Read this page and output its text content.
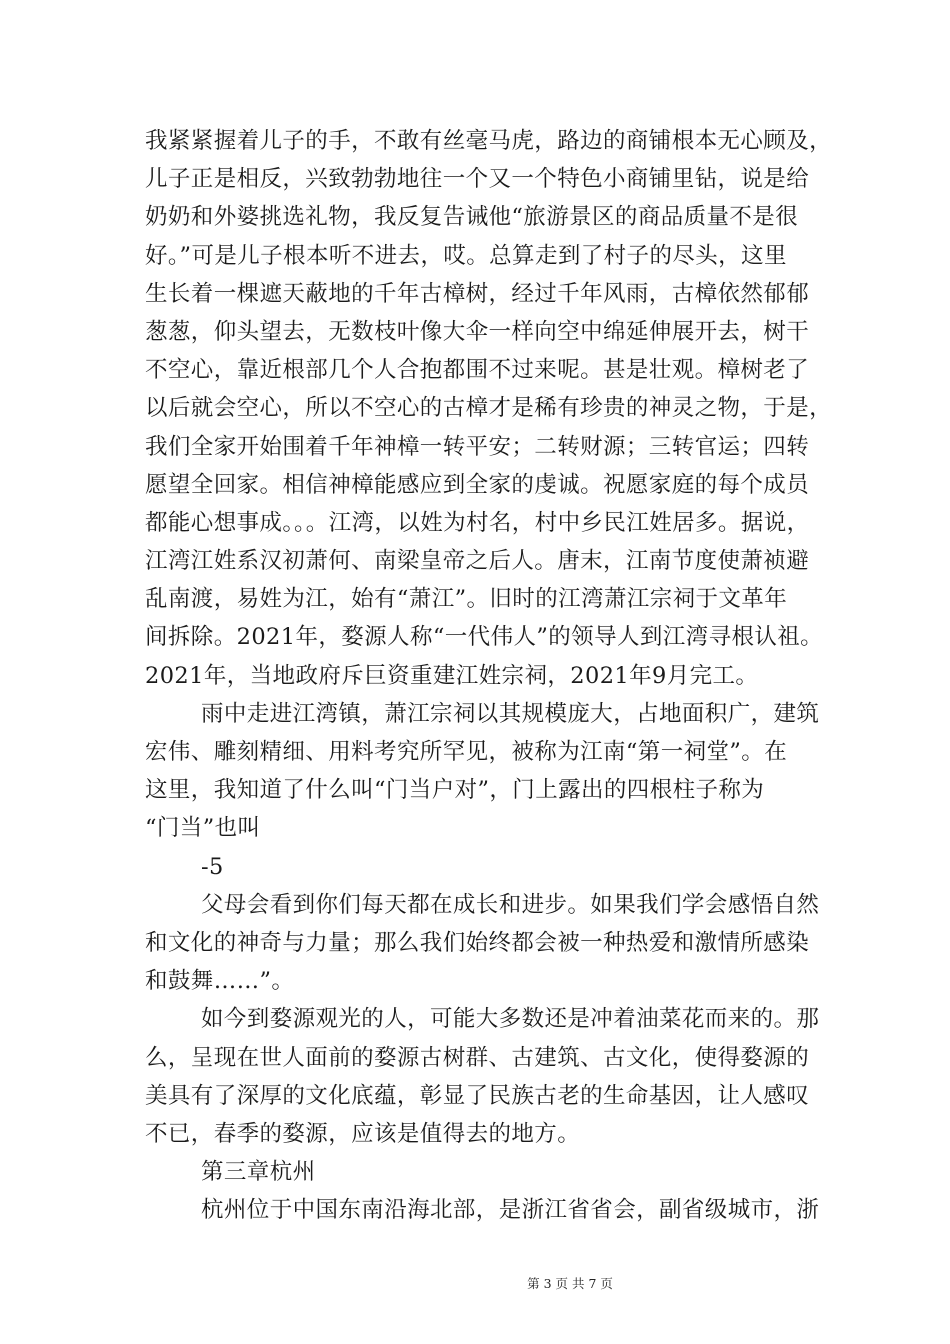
我紧紧握着儿子的手，不敢有丝毫马虎，路边的商铺根本无心顾及，
儿子正是相反，兴致勃勃地往一个又一个特色小商铺里钻，说是给
奶奶和外婆挑选礼物，我反复告诫他“旅游景区的商品质量不是很
好。”可是儿子根本听不进去，哎。总算走到了村子的尽头，这里
生长着一棵遮天蔽地的千年古樟树，经过千年风雨，古樟依然郁郁
葱葱，仰头望去，无数枝叶像大伞一样向空中绵延伸展开去，树干
不空心，靠近根部几个人合抱都围不过来呢。甚是壮观。樟树老了
以后就会空心，所以不空心的古樟才是稀有珍贵的神灵之物，于是，
我们全家开始围着千年神樟一转平安；二转财源；三转官运；四转
愿望全回家。相信神樟能感应到全家的虔诚。祝愿家庭的每个成员
都能心想事成。。。江湾，以姓为村名，村中乡民江姓居多。据说，
江湾江姓系汉初萧何、南梁皇帝之后人。唐末，江南节度使萧祯避
乱南渡，易姓为江，始有“萧江”。旧时的江湾萧江宗祠于文革年
间拆除。2021年，婺源人称“一代伟人”的领导人到江湾寻根认祖。
2021年，当地政府斥巨资重建江姓宗祠，2021年9月完工。
雨中走进江湾镇，萧江宗祠以其规模庞大，占地面积广，建筑
宏伟、雕刻精细、用料考究所罕见，被称为江南“第一祠堂”。在
这里，我知道了什么叫“门当户对”，门上露出的四根柱子称为
“门当”也叫
-5
父母会看到你们每天都在成长和进步。如果我们学会感悟自然
和文化的神奇与力量；那么我们始终都会被一种热爱和激情所感染
和鼓舞……”。
如今到婺源观光的人，可能大多数还是冲着油菜花而来的。那
么，呈现在世人面前的婺源古树群、古建筑、古文化，使得婺源的
美具有了深厚的文化底蕴，彰显了民族古老的生命基因，让人感叹
不已，春季的婺源，应该是值得去的地方。
第三章杭州
杭州位于中国东南沿海北部，是浙江省省会，副省级城市，浙
第 3 页 共 7 页
